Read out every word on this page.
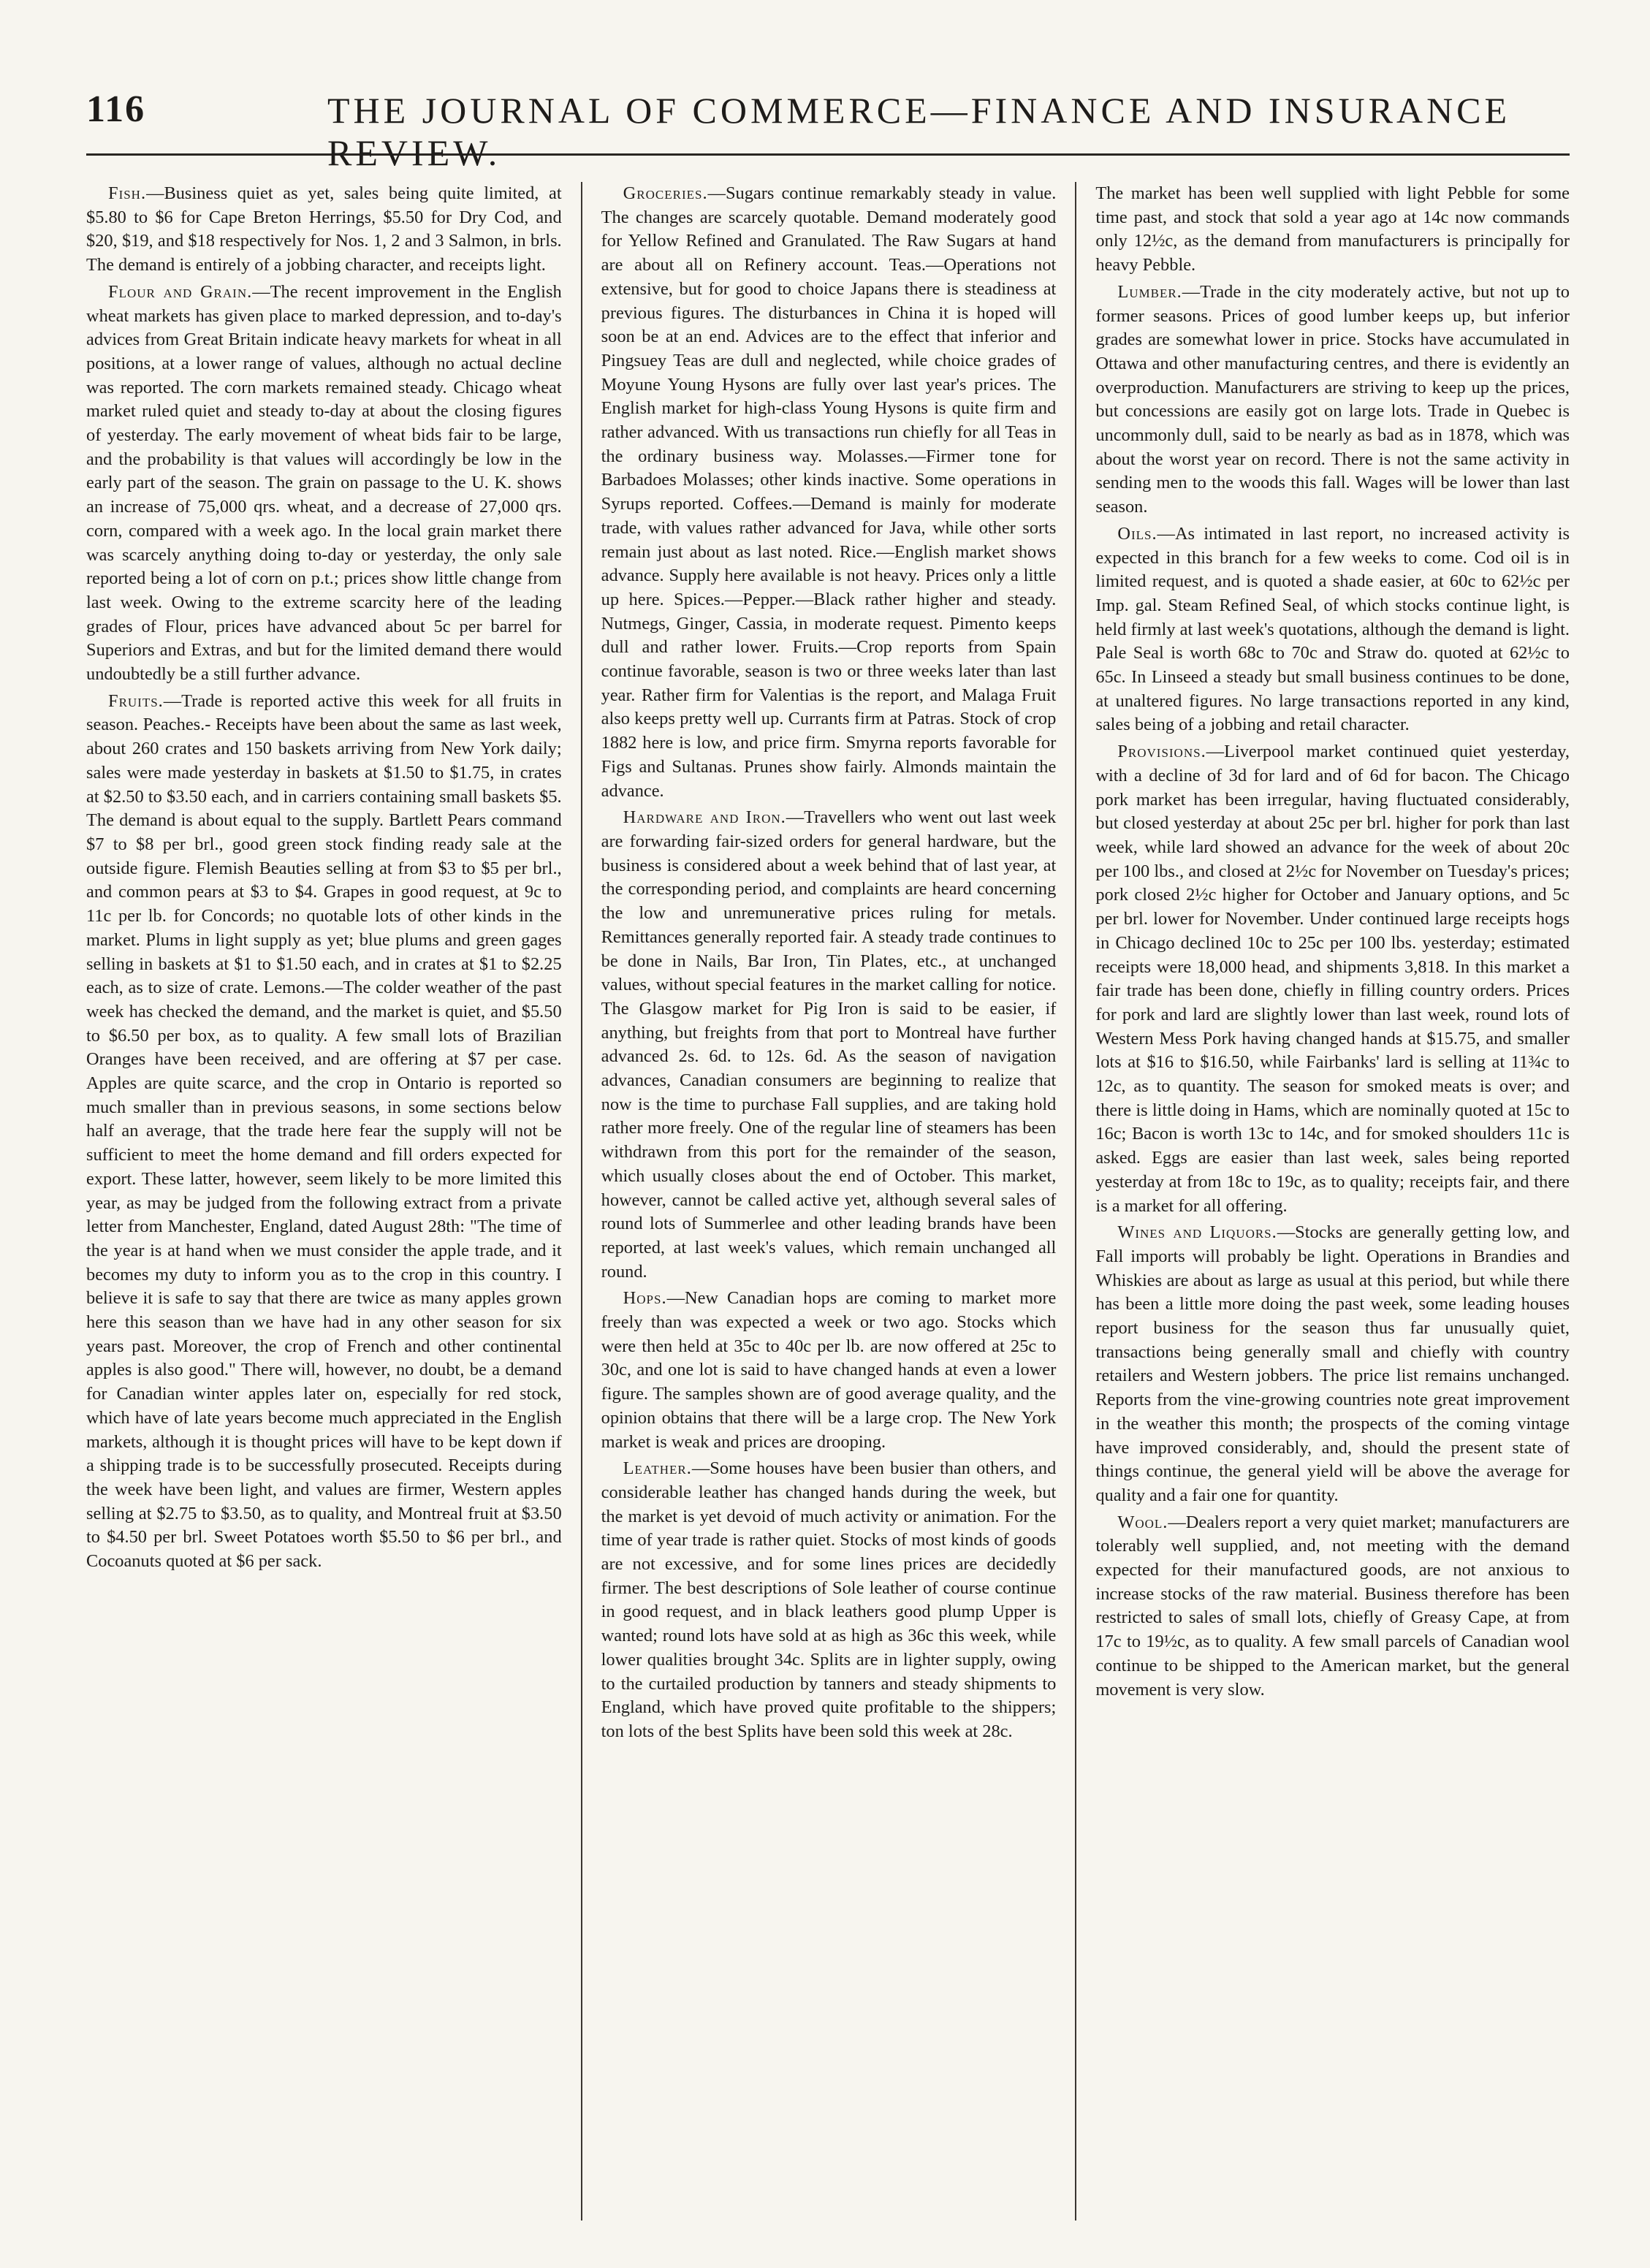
116	THE JOURNAL OF COMMERCE—FINANCE AND INSURANCE REVIEW.

Fish.—Business quiet as yet, sales being quite limited, at $5.80 to $6 for Cape Breton Herrings, $5.50 for Dry Cod, and $20, $19, and $18 respectively for Nos. 1, 2 and 3 Salmon, in brls. The demand is entirely of a jobbing character, and receipts light.

Flour and Grain.—The recent improvement in the English wheat markets has given place to marked depression, and to-day's advices from Great Britain indicate heavy markets for wheat in all positions, at a lower range of values, although no actual decline was reported. The corn markets remained steady. Chicago wheat market ruled quiet and steady to-day at about the closing figures of yesterday. The early movement of wheat bids fair to be large, and the probability is that values will accordingly be low in the early part of the season. The grain on passage to the U. K. shows an increase of 75,000 qrs. wheat, and a decrease of 27,000 qrs. corn, compared with a week ago. In the local grain market there was scarcely anything doing to-day or yesterday, the only sale reported being a lot of corn on p.t.; prices show little change from last week. Owing to the extreme scarcity here of the leading grades of Flour, prices have advanced about 5c per barrel for Superiors and Extras, and but for the limited demand there would undoubtedly be a still further advance.

Fruits.—Trade is reported active this week for all fruits in season. Peaches.- Receipts have been about the same as last week, about 260 crates and 150 baskets arriving from New York daily; sales were made yesterday in baskets at $1.50 to $1.75, in crates at $2.50 to $3.50 each, and in carriers containing small baskets $5. The demand is about equal to the supply. Bartlett Pears command $7 to $8 per brl., good green stock finding ready sale at the outside figure. Flemish Beauties selling at from $3 to $5 per brl., and common pears at $3 to $4. Grapes in good request, at 9c to 11c per lb. for Concords; no quotable lots of other kinds in the market. Plums in light supply as yet; blue plums and green gages selling in baskets at $1 to $1.50 each, and in crates at $1 to $2.25 each, as to size of crate. Lemons.—The colder weather of the past week has checked the demand, and the market is quiet, and $5.50 to $6.50 per box, as to quality. A few small lots of Brazilian Oranges have been received, and are offering at $7 per case. Apples are quite scarce, and the crop in Ontario is reported so much smaller than in previous seasons, in some sections below half an average, that the trade here fear the supply will not be sufficient to meet the home demand and fill orders expected for export. These latter, however, seem likely to be more limited this year, as may be judged from the following extract from a private letter from Manchester, England, dated August 28th: "The time of the year is at hand when we must consider the apple trade, and it becomes my duty to inform you as to the crop in this country. I believe it is safe to say that there are twice as many apples grown here this season than we have had in any other season for six years past. Moreover, the crop of French and other continental apples is also good." There will, however, no doubt, be a demand for Canadian winter apples later on, especially for red stock, which have of late years become much appreciated in the English markets, although it is thought prices will have to be kept down if a shipping trade is to be successfully prosecuted. Receipts during the week have been light, and values are firmer, Western apples selling at $2.75 to $3.50, as to quality, and Montreal fruit at $3.50 to $4.50 per brl. Sweet Potatoes worth $5.50 to $6 per brl., and Cocoanuts quoted at $6 per sack.

Groceries.—Sugars continue remarkably steady in value. The changes are scarcely quotable. Demand moderately good for Yellow Refined and Granulated. The Raw Sugars at hand are about all on Refinery account. Teas.—Operations not extensive, but for good to choice Japans there is steadiness at previous figures. The disturbances in China it is hoped will soon be at an end. Advices are to the effect that inferior and Pingsuey Teas are dull and neglected, while choice grades of Moyune Young Hysons are fully over last year's prices. The English market for high-class Young Hysons is quite firm and rather advanced. With us transactions run chiefly for all Teas in the ordinary business way. Molasses.—Firmer tone for Barbadoes Molasses; other kinds inactive. Some operations in Syrups reported. Coffees.—Demand is mainly for moderate trade, with values rather advanced for Java, while other sorts remain just about as last noted. Rice.—English market shows advance. Supply here available is not heavy. Prices only a little up here. Spices.—Pepper.—Black rather higher and steady. Nutmegs, Ginger, Cassia, in moderate request. Pimento keeps dull and rather lower. Fruits.—Crop reports from Spain continue favorable, season is two or three weeks later than last year. Rather firm for Valentias is the report, and Malaga Fruit also keeps pretty well up. Currants firm at Patras. Stock of crop 1882 here is low, and price firm. Smyrna reports favorable for Figs and Sultanas. Prunes show fairly. Almonds maintain the advance.

Hardware and Iron.—Travellers who went out last week are forwarding fair-sized orders for general hardware, but the business is considered about a week behind that of last year, at the corresponding period, and complaints are heard concerning the low and unremunerative prices ruling for metals. Remittances generally reported fair. A steady trade continues to be done in Nails, Bar Iron, Tin Plates, etc., at unchanged values, without special features in the market calling for notice. The Glasgow market for Pig Iron is said to be easier, if anything, but freights from that port to Montreal have further advanced 2s. 6d. to 12s. 6d. As the season of navigation advances, Canadian consumers are beginning to realize that now is the time to purchase Fall supplies, and are taking hold rather more freely. One of the regular line of steamers has been withdrawn from this port for the remainder of the season, which usually closes about the end of October. This market, however, cannot be called active yet, although several sales of round lots of Summerlee and other leading brands have been reported, at last week's values, which remain unchanged all round.

Hops.—New Canadian hops are coming to market more freely than was expected a week or two ago. Stocks which were then held at 35c to 40c per lb. are now offered at 25c to 30c, and one lot is said to have changed hands at even a lower figure. The samples shown are of good average quality, and the opinion obtains that there will be a large crop. The New York market is weak and prices are drooping.

Leather.—Some houses have been busier than others, and considerable leather has changed hands during the week, but the market is yet devoid of much activity or animation. For the time of year trade is rather quiet. Stocks of most kinds of goods are not excessive, and for some lines prices are decidedly firmer. The best descriptions of Sole leather of course continue in good request, and in black leathers good plump Upper is wanted; round lots have sold at as high as 36c this week, while lower qualities brought 34c. Splits are in lighter supply, owing to the curtailed production by tanners and steady shipments to England, which have proved quite profitable to the shippers; ton lots of the best Splits have been sold this week at 28c.

The market has been well supplied with light Pebble for some time past, and stock that sold a year ago at 14c now commands only 12½c, as the demand from manufacturers is principally for heavy Pebble.

Lumber.—Trade in the city moderately active, but not up to former seasons. Prices of good lumber keeps up, but inferior grades are somewhat lower in price. Stocks have accumulated in Ottawa and other manufacturing centres, and there is evidently an overproduction. Manufacturers are striving to keep up the prices, but concessions are easily got on large lots. Trade in Quebec is uncommonly dull, said to be nearly as bad as in 1878, which was about the worst year on record. There is not the same activity in sending men to the woods this fall. Wages will be lower than last season.

Oils.—As intimated in last report, no increased activity is expected in this branch for a few weeks to come. Cod oil is in limited request, and is quoted a shade easier, at 60c to 62½c per Imp. gal. Steam Refined Seal, of which stocks continue light, is held firmly at last week's quotations, although the demand is light. Pale Seal is worth 68c to 70c and Straw do. quoted at 62½c to 65c. In Linseed a steady but small business continues to be done, at unaltered figures. No large transactions reported in any kind, sales being of a jobbing and retail character.

Provisions.—Liverpool market continued quiet yesterday, with a decline of 3d for lard and of 6d for bacon. The Chicago pork market has been irregular, having fluctuated considerably, but closed yesterday at about 25c per brl. higher for pork than last week, while lard showed an advance for the week of about 20c per 100 lbs., and closed at 2½c for November on Tuesday's prices; pork closed 2½c higher for October and January options, and 5c per brl. lower for November. Under continued large receipts hogs in Chicago declined 10c to 25c per 100 lbs. yesterday; estimated receipts were 18,000 head, and shipments 3,818. In this market a fair trade has been done, chiefly in filling country orders. Prices for pork and lard are slightly lower than last week, round lots of Western Mess Pork having changed hands at $15.75, and smaller lots at $16 to $16.50, while Fairbanks' lard is selling at 11¾c to 12c, as to quantity. The season for smoked meats is over; and there is little doing in Hams, which are nominally quoted at 15c to 16c; Bacon is worth 13c to 14c, and for smoked shoulders 11c is asked. Eggs are easier than last week, sales being reported yesterday at from 18c to 19c, as to quality; receipts fair, and there is a market for all offering.

Wines and Liquors.—Stocks are generally getting low, and Fall imports will probably be light. Operations in Brandies and Whiskies are about as large as usual at this period, but while there has been a little more doing the past week, some leading houses report business for the season thus far unusually quiet, transactions being generally small and chiefly with country retailers and Western jobbers. The price list remains unchanged. Reports from the vine-growing countries note great improvement in the weather this month; the prospects of the coming vintage have improved considerably, and, should the present state of things continue, the general yield will be above the average for quality and a fair one for quantity.

Wool.—Dealers report a very quiet market; manufacturers are tolerably well supplied, and, not meeting with the demand expected for their manufactured goods, are not anxious to increase stocks of the raw material. Business therefore has been restricted to sales of small lots, chiefly of Greasy Cape, at from 17c to 19½c, as to quality. A few small parcels of Canadian wool continue to be shipped to the American market, but the general movement is very slow.
